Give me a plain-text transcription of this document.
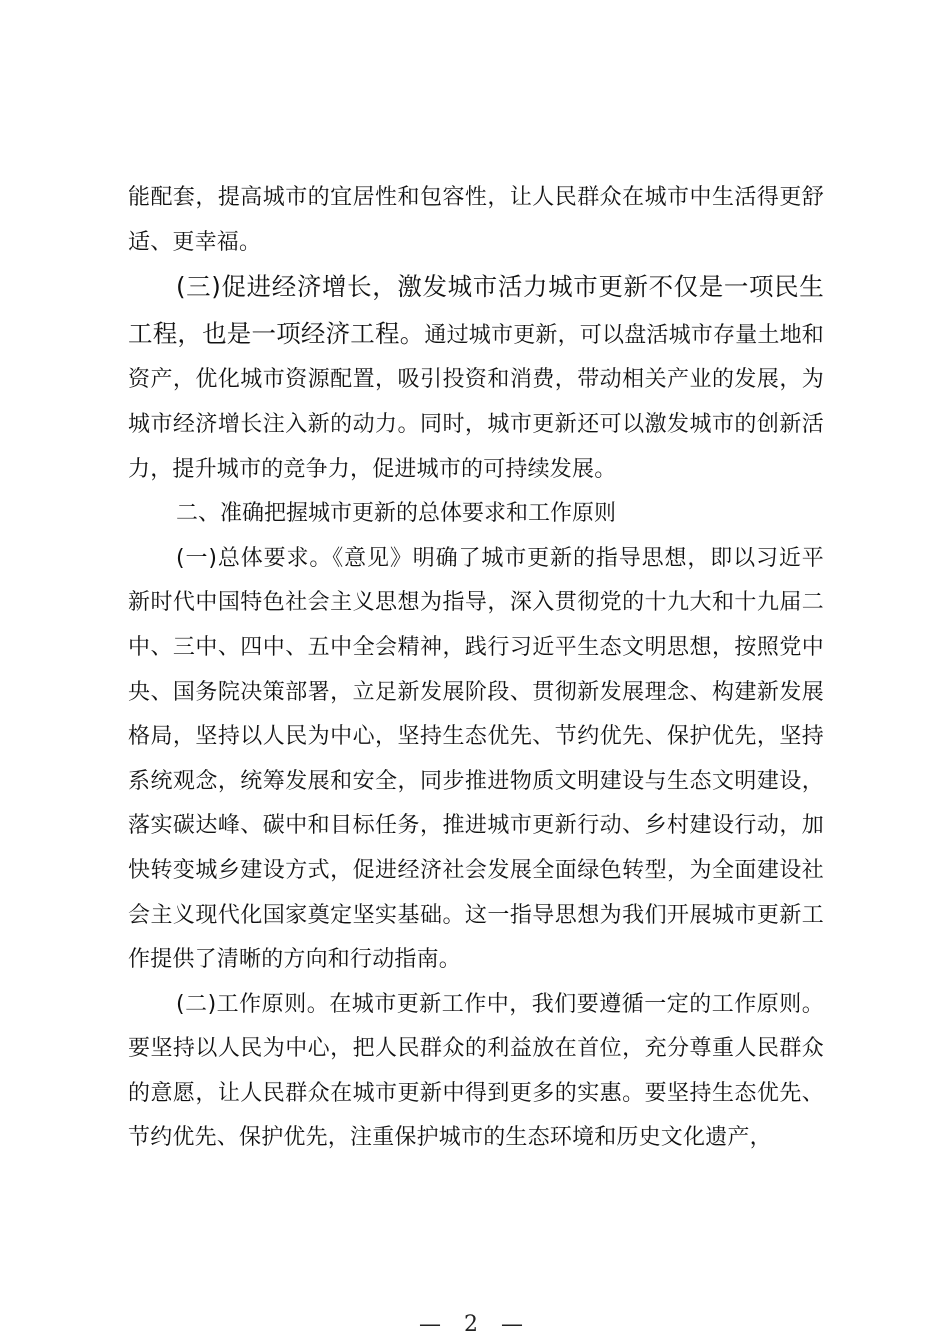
能配套，提高城市的宜居性和包容性，让人民群众在城市中生活得更舒适、更幸福。

(三)促进经济增长，激发城市活力城市更新不仅是一项民生工程，也是一项经济工程。通过城市更新，可以盘活城市存量土地和资产，优化城市资源配置，吸引投资和消费，带动相关产业的发展，为城市经济增长注入新的动力。同时，城市更新还可以激发城市的创新活力，提升城市的竞争力，促进城市的可持续发展。

二、准确把握城市更新的总体要求和工作原则

(一)总体要求。《意见》明确了城市更新的指导思想，即以习近平新时代中国特色社会主义思想为指导，深入贯彻党的十九大和十九届二中、三中、四中、五中全会精神，践行习近平生态文明思想，按照党中央、国务院决策部署，立足新发展阶段、贯彻新发展理念、构建新发展格局，坚持以人民为中心，坚持生态优先、节约优先、保护优先，坚持系统观念，统筹发展和安全，同步推进物质文明建设与生态文明建设，落实碳达峰、碳中和目标任务，推进城市更新行动、乡村建设行动，加快转变城乡建设方式，促进经济社会发展全面绿色转型，为全面建设社会主义现代化国家奠定坚实基础。这一指导思想为我们开展城市更新工作提供了清晰的方向和行动指南。

(二)工作原则。在城市更新工作中，我们要遵循一定的工作原则。要坚持以人民为中心，把人民群众的利益放在首位，充分尊重人民群众的意愿，让人民群众在城市更新中得到更多的实惠。要坚持生态优先、节约优先、保护优先，注重保护城市的生态环境和历史文化遗产，

— 2 —
